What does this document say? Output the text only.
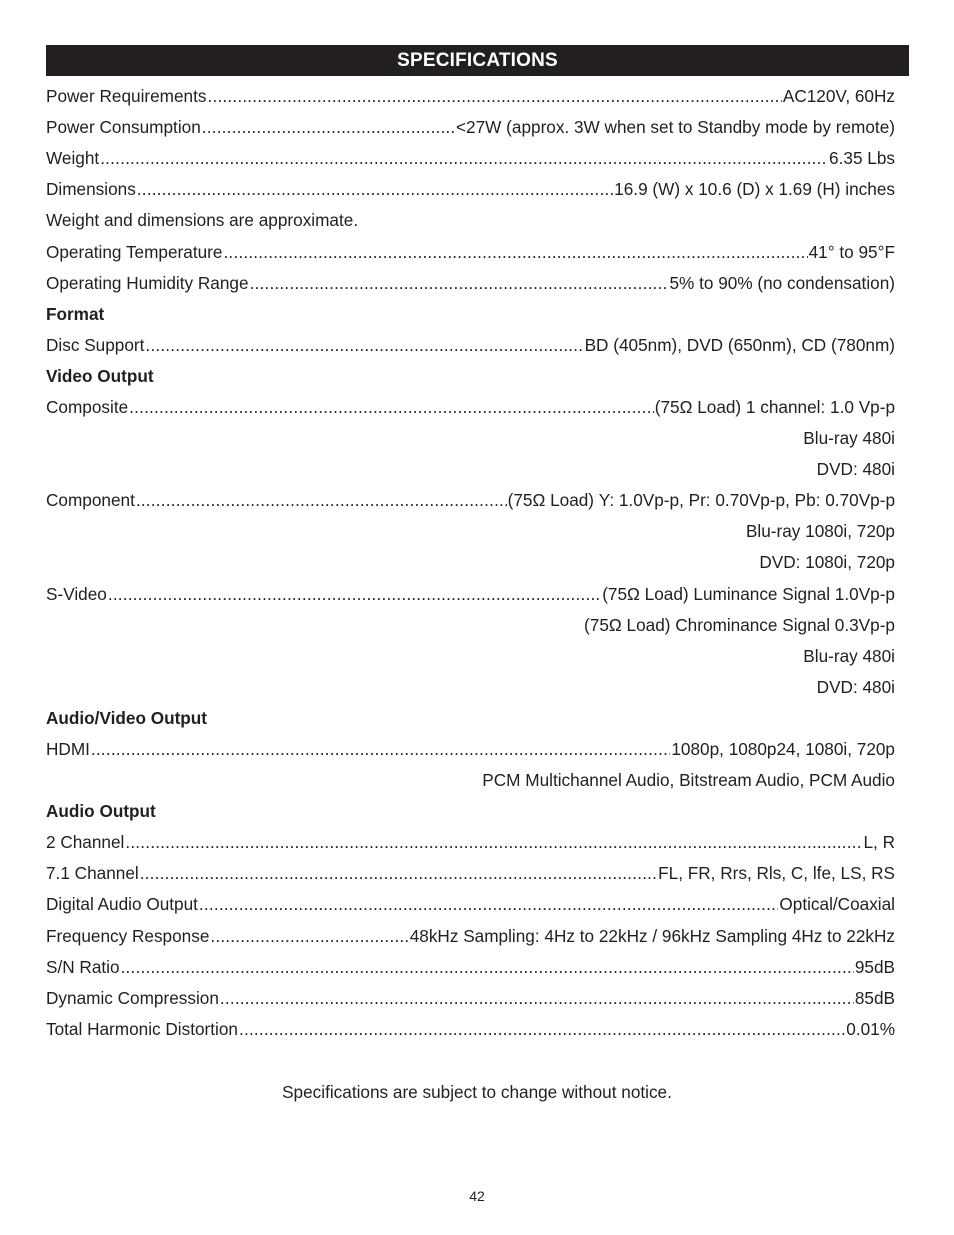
SPECIFICATIONS
Power Requirements .....	AC120V, 60Hz
Power Consumption .....	<27W (approx. 3W when set to Standby mode by remote)
Weight .....	6.35 Lbs
Dimensions .....	16.9 (W) x 10.6 (D) x 1.69 (H) inches
Weight and dimensions are approximate.
Operating Temperature .....	41° to 95°F
Operating Humidity Range .....	5% to 90% (no condensation)
Format
Disc Support .....	BD (405nm), DVD (650nm), CD (780nm)
Video Output
Composite .....	(75Ω Load) 1 channel: 1.0 Vp-p
Blu-ray 480i
DVD: 480i
Component .....	(75Ω Load) Y: 1.0Vp-p, Pr: 0.70Vp-p, Pb: 0.70Vp-p
Blu-ray 1080i, 720p
DVD: 1080i, 720p
S-Video .....	(75Ω Load) Luminance Signal 1.0Vp-p
(75Ω Load) Chrominance Signal 0.3Vp-p
Blu-ray 480i
DVD: 480i
Audio/Video Output
HDMI .....	1080p, 1080p24, 1080i, 720p
PCM Multichannel Audio, Bitstream Audio, PCM Audio
Audio Output
2 Channel .....	L, R
7.1 Channel .....	FL, FR, Rrs, Rls, C, lfe, LS, RS
Digital Audio Output .....	Optical/Coaxial
Frequency Response .....	48kHz Sampling: 4Hz to 22kHz / 96kHz Sampling 4Hz to 22kHz
S/N Ratio .....	95dB
Dynamic Compression .....	85dB
Total Harmonic Distortion .....	0.01%
Specifications are subject to change without notice.
42
